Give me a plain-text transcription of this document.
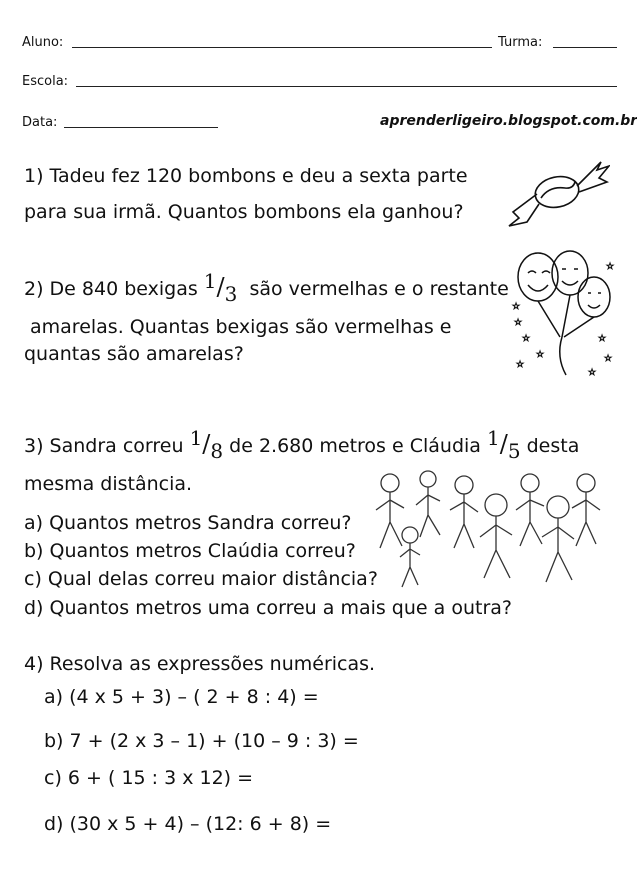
Aluno:	Turma:
Escola:
Data:	aprenderligeiro.blogspot.com.br
1) Tadeu fez 120 bombons e deu a sexta parte
para sua irmã. Quantos bombons ela ganhou?
2) De 840 bexigas 1/3 são vermelhas e o restante
amarelas. Quantas bexigas são vermelhas e
quantas são amarelas?
☆
☆
☆
☆
☆
☆
☆
☆
☆
3) Sandra correu 1/8 de 2.680 metros e Cláudia 1/5 desta
mesma distância.
a) Quantos metros Sandra correu?
b) Quantos metros Claúdia correu?
c) Qual delas correu maior distância?
d) Quantos metros uma correu a mais que a outra?
4) Resolva as expressões numéricas.
a) (4 x 5 + 3) – ( 2 + 8 : 4) =
b) 7 + (2 x 3 – 1) + (10 – 9 : 3) =
c) 6 + ( 15 : 3 x 12) =
d) (30 x 5 + 4) – (12: 6 + 8) =
